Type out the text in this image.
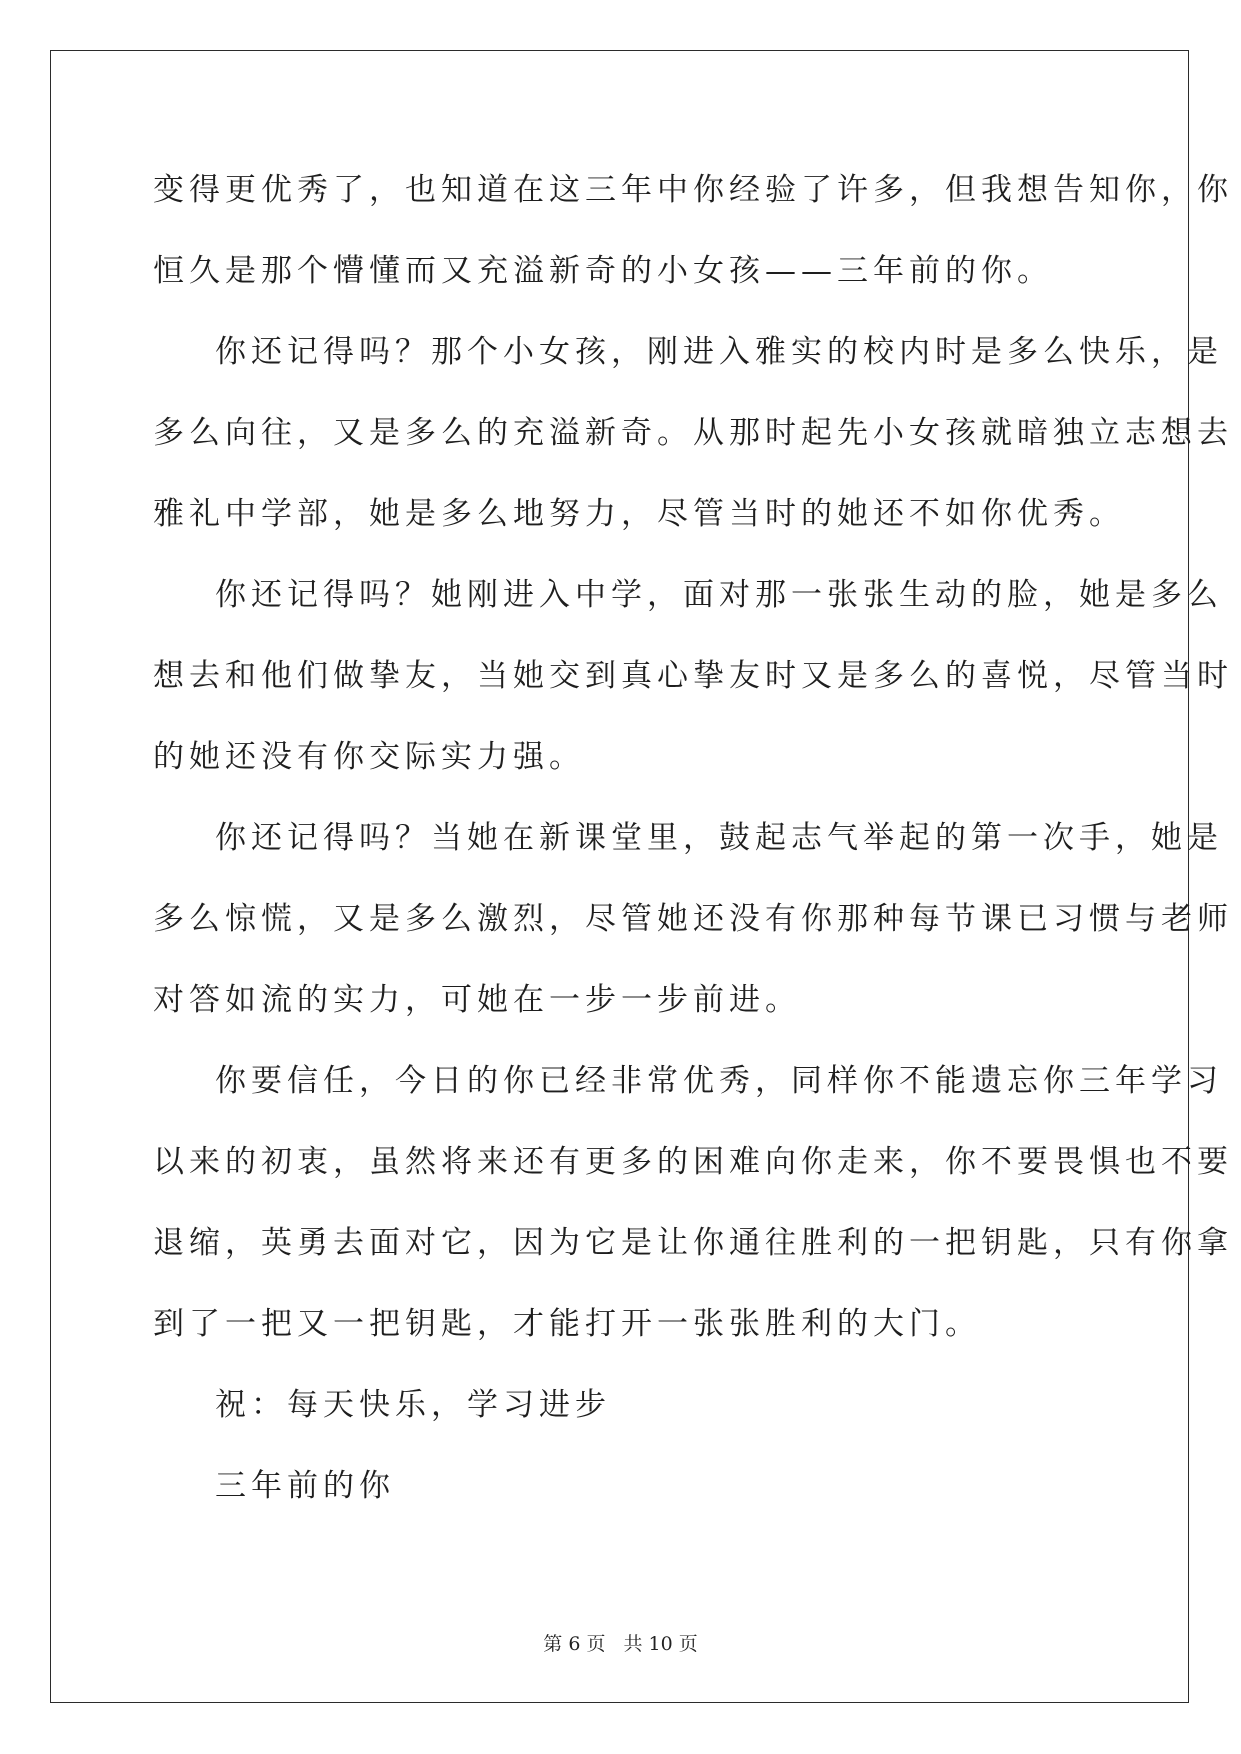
变得更优秀了，也知道在这三年中你经验了许多，但我想告知你，你
恒久是那个懵懂而又充溢新奇的小女孩——三年前的你。
你还记得吗？那个小女孩，刚进入雅实的校内时是多么快乐，是
多么向往，又是多么的充溢新奇。从那时起先小女孩就暗独立志想去
雅礼中学部，她是多么地努力，尽管当时的她还不如你优秀。
你还记得吗？她刚进入中学，面对那一张张生动的脸，她是多么
想去和他们做挚友，当她交到真心挚友时又是多么的喜悦，尽管当时
的她还没有你交际实力强。
你还记得吗？当她在新课堂里，鼓起志气举起的第一次手，她是
多么惊慌，又是多么激烈，尽管她还没有你那种每节课已习惯与老师
对答如流的实力，可她在一步一步前进。
你要信任，今日的你已经非常优秀，同样你不能遗忘你三年学习
以来的初衷，虽然将来还有更多的困难向你走来，你不要畏惧也不要
退缩，英勇去面对它，因为它是让你通往胜利的一把钥匙，只有你拿
到了一把又一把钥匙，才能打开一张张胜利的大门。
祝：每天快乐，学习进步
三年前的你
第 6 页 共 10 页
